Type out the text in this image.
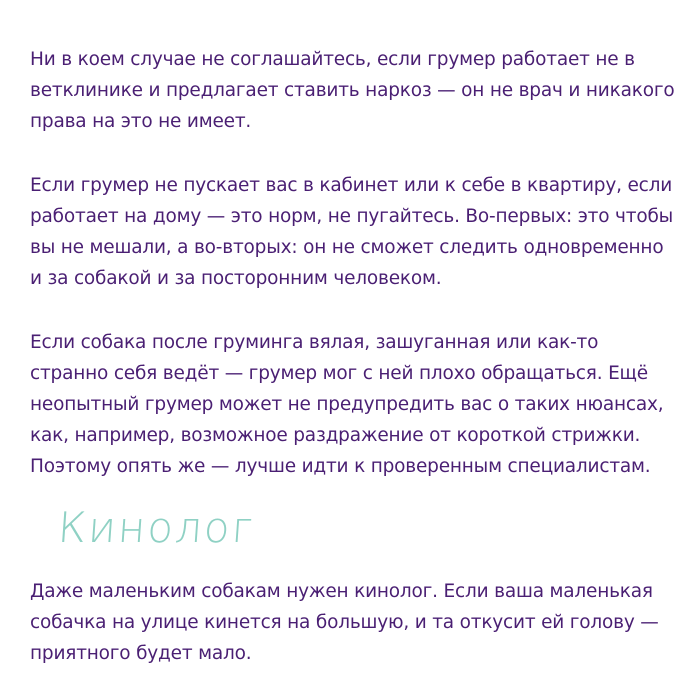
Ни в коем случае не соглашайтесь, если грумер работает не в ветклинике и предлагает ставить наркоз — он не врач и никакого права на это не имеет.

Если грумер не пускает вас в кабинет или к себе в квартиру, если работает на дому — это норм, не пугайтесь. Во-первых: это чтобы вы не мешали, а во-вторых: он не сможет следить одновременно и за собакой и за посторонним человеком.

Если собака после груминга вялая, зашуганная или как-то странно себя ведёт — грумер мог с ней плохо обращаться. Ещё неопытный грумер может не предупредить вас о таких нюансах, как, например, возможное раздражение от короткой стрижки. Поэтому опять же — лучше идти к проверенным специалистам.

Кинолог

Даже маленьким собакам нужен кинолог. Если ваша маленькая собачка на улице кинется на большую, и та откусит ей голову — приятного будет мало.
